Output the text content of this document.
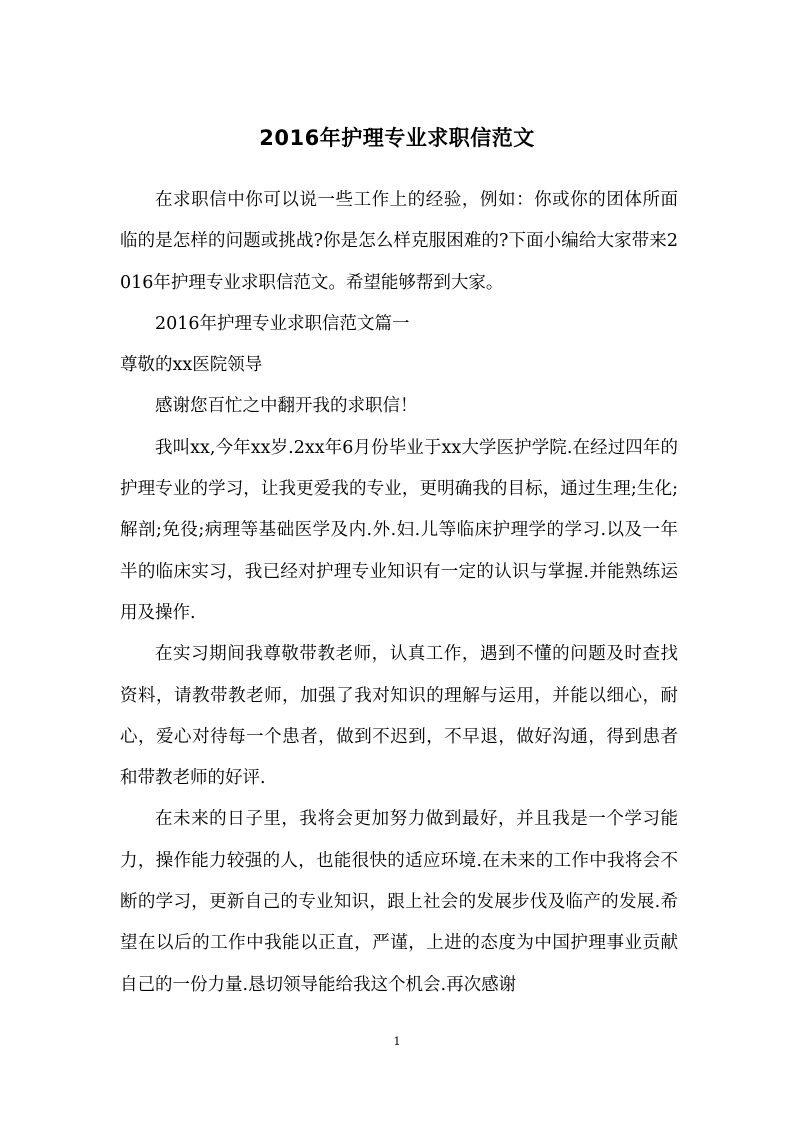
2016年护理专业求职信范文

在求职信中你可以说一些工作上的经验，例如：你或你的团体所面临的是怎样的问题或挑战?你是怎么样克服困难的?下面小编给大家带来2016年护理专业求职信范文。希望能够帮到大家。

2016年护理专业求职信范文篇一

尊敬的xx医院领导

感谢您百忙之中翻开我的求职信！

我叫xx,今年xx岁.2xx年6月份毕业于xx大学医护学院.在经过四年的护理专业的学习，让我更爱我的专业，更明确我的目标，通过生理;生化;解剖;免役;病理等基础医学及内.外.妇.儿等临床护理学的学习.以及一年半的临床实习，我已经对护理专业知识有一定的认识与掌握.并能熟练运用及操作.

在实习期间我尊敬带教老师，认真工作，遇到不懂的问题及时查找资料，请教带教老师，加强了我对知识的理解与运用，并能以细心，耐心，爱心对待每一个患者，做到不迟到，不早退，做好沟通，得到患者和带教老师的好评.

在未来的日子里，我将会更加努力做到最好，并且我是一个学习能力，操作能力较强的人，也能很快的适应环境.在未来的工作中我将会不断的学习，更新自己的专业知识，跟上社会的发展步伐及临产的发展.希望在以后的工作中我能以正直，严谨，上进的态度为中国护理事业贡献自己的一份力量.恳切领导能给我这个机会.再次感谢

1
